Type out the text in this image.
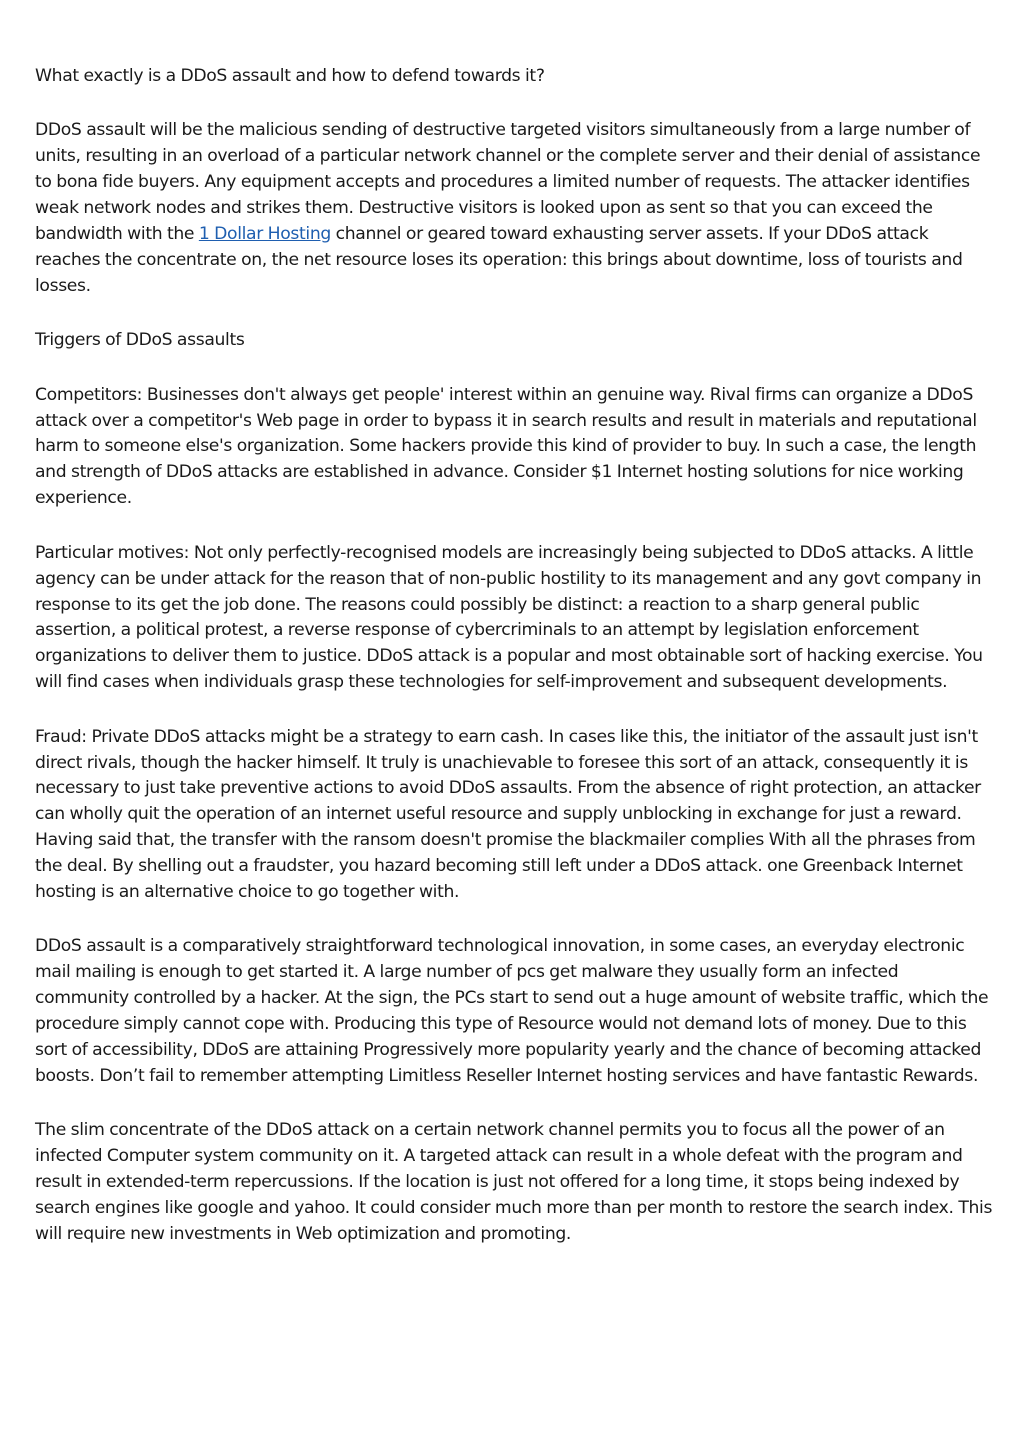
What exactly is a DDoS assault and how to defend towards it?

DDoS assault will be the malicious sending of destructive targeted visitors simultaneously from a large number of units, resulting in an overload of a particular network channel or the complete server and their denial of assistance to bona fide buyers. Any equipment accepts and procedures a limited number of requests. The attacker identifies weak network nodes and strikes them. Destructive visitors is looked upon as sent so that you can exceed the bandwidth with the 1 Dollar Hosting channel or geared toward exhausting server assets. If your DDoS attack reaches the concentrate on, the net resource loses its operation: this brings about downtime, loss of tourists and losses.

Triggers of DDoS assaults

Competitors: Businesses don't always get people' interest within an genuine way. Rival firms can organize a DDoS attack over a competitor's Web page in order to bypass it in search results and result in materials and reputational harm to someone else's organization. Some hackers provide this kind of provider to buy. In such a case, the length and strength of DDoS attacks are established in advance. Consider $1 Internet hosting solutions for nice working experience.

Particular motives: Not only perfectly-recognised models are increasingly being subjected to DDoS attacks. A little agency can be under attack for the reason that of non-public hostility to its management and any govt company in response to its get the job done. The reasons could possibly be distinct: a reaction to a sharp general public assertion, a political protest, a reverse response of cybercriminals to an attempt by legislation enforcement organizations to deliver them to justice. DDoS attack is a popular and most obtainable sort of hacking exercise. You will find cases when individuals grasp these technologies for self-improvement and subsequent developments.

Fraud: Private DDoS attacks might be a strategy to earn cash. In cases like this, the initiator of the assault just isn't direct rivals, though the hacker himself. It truly is unachievable to foresee this sort of an attack, consequently it is necessary to just take preventive actions to avoid DDoS assaults. From the absence of right protection, an attacker can wholly quit the operation of an internet useful resource and supply unblocking in exchange for just a reward. Having said that, the transfer with the ransom doesn't promise the blackmailer complies With all the phrases from the deal. By shelling out a fraudster, you hazard becoming still left under a DDoS attack. one Greenback Internet hosting is an alternative choice to go together with.

DDoS assault is a comparatively straightforward technological innovation, in some cases, an everyday electronic mail mailing is enough to get started it. A large number of pcs get malware they usually form an infected community controlled by a hacker. At the sign, the PCs start to send out a huge amount of website traffic, which the procedure simply cannot cope with. Producing this type of Resource would not demand lots of money. Due to this sort of accessibility, DDoS are attaining Progressively more popularity yearly and the chance of becoming attacked boosts. Don’t fail to remember attempting Limitless Reseller Internet hosting services and have fantastic Rewards.

The slim concentrate of the DDoS attack on a certain network channel permits you to focus all the power of an infected Computer system community on it. A targeted attack can result in a whole defeat with the program and result in extended-term repercussions. If the location is just not offered for a long time, it stops being indexed by search engines like google and yahoo. It could consider much more than per month to restore the search index. This will require new investments in Web optimization and promoting.
